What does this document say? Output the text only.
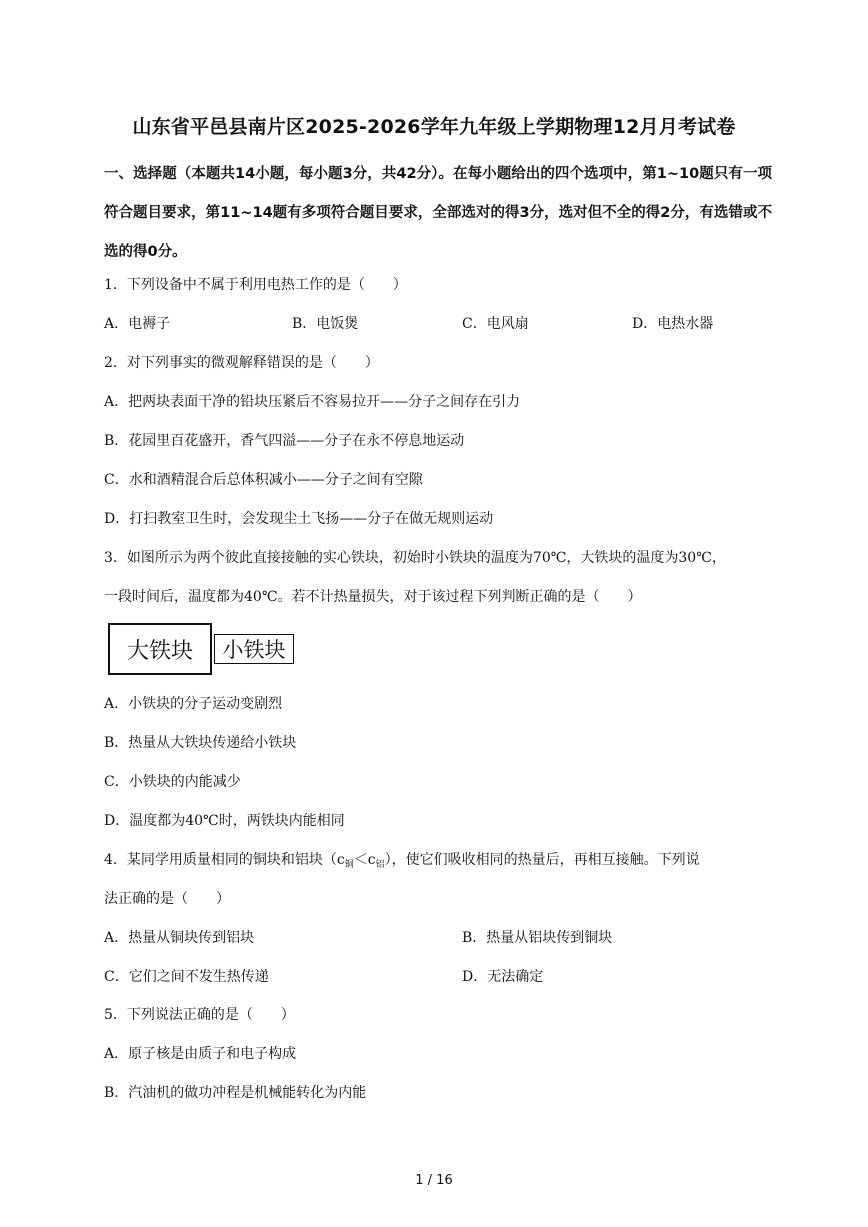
山东省平邑县南片区2025-2026学年九年级上学期物理12月月考试卷
一、选择题（本题共14小题，每小题3分，共42分）。在每小题给出的四个选项中，第1~10题只有一项符合题目要求，第11~14题有多项符合题目要求，全部选对的得3分，选对但不全的得2分，有选错或不选的得0分。
1．下列设备中不属于利用电热工作的是（　　）
A．电褥子	B．电饭煲	C．电风扇	D．电热水器
2．对下列事实的微观解释错误的是（　　）
A．把两块表面干净的铅块压紧后不容易拉开——分子之间存在引力
B．花园里百花盛开，香气四溢——分子在永不停息地运动
C．水和酒精混合后总体积减小——分子之间有空隙
D．打扫教室卫生时，会发现尘土飞扬——分子在做无规则运动
3．如图所示为两个彼此直接接触的实心铁块，初始时小铁块的温度为70℃，大铁块的温度为30℃，
一段时间后，温度都为40℃。若不计热量损失，对于该过程下列判断正确的是（　　）
大铁块	小铁块
A．小铁块的分子运动变剧烈
B．热量从大铁块传递给小铁块
C．小铁块的内能减少
D．温度都为40℃时，两铁块内能相同
4．某同学用质量相同的铜块和铝块$(c_铜<c_铝)$，使它们吸收相同的热量后，再相互接触。下列说
法正确的是（　　）
A．热量从铜块传到铝块	B．热量从铝块传到铜块
C．它们之间不发生热传递	D．无法确定
5．下列说法正确的是（　　）
A．原子核是由质子和电子构成
B．汽油机的做功冲程是机械能转化为内能
1 / 16
